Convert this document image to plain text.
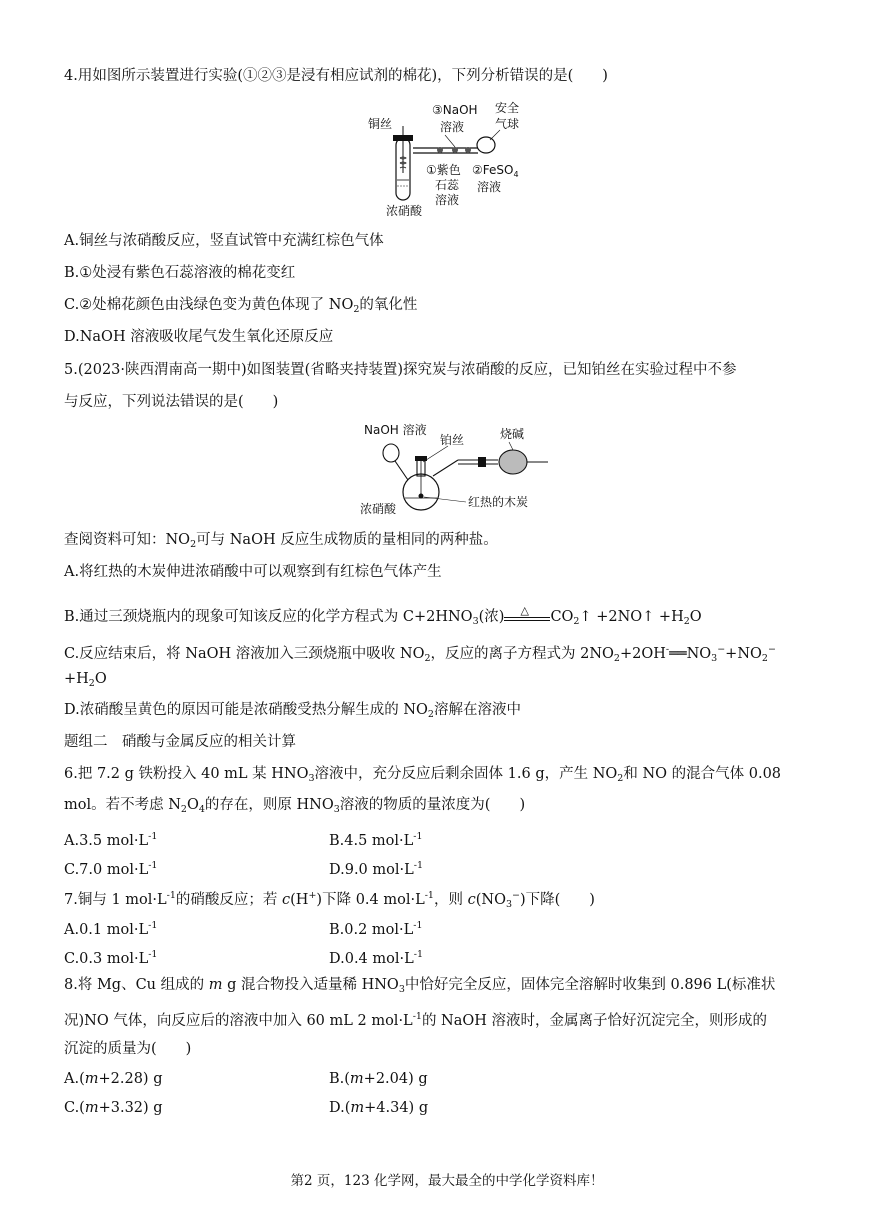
4.用如图所示装置进行实验(①②③是浸有相应试剂的棉花)，下列分析错误的是(　　)
铜丝
③NaOH
溶液
安全
气球
①紫色
石蕊
溶液
②FeSO$_4$
溶液
浓硝酸
A.铜丝与浓硝酸反应，竖直试管中充满红棕色气体
B.①处浸有紫色石蕊溶液的棉花变红
C.②处棉花颜色由浅绿色变为黄色体现了 $NO_2$的氧化性
D.NaOH 溶液吸收尾气发生氧化还原反应
5.(2023·陕西渭南高一期中)如图装置(省略夹持装置)探究炭与浓硝酸的反应，已知铂丝在实验过程中不参
与反应，下列说法错误的是(　　)
NaOH 溶液
铂丝	烧碱
红热的木炭
浓硝酸
查阅资料可知：$NO_2$可与 NaOH 反应生成物质的量相同的两种盐。
A.将红热的木炭伸进浓硝酸中可以观察到有红棕色气体产生
B.通过三颈烧瓶内的现象可知该反应的化学方程式为 $C+2HNO_3$(浓) △ $CO_2↑$ +2NO↑ $+H_2O$
C.反应结束后，将 NaOH 溶液加入三颈烧瓶中吸收 $NO_2$，反应的离子方程式为 $2NO_2+2OH^-══NO_3^-+NO_2^-$
$+H_2O$
D.浓硝酸呈黄色的原因可能是浓硝酸受热分解生成的 $NO_2$溶解在溶液中
题组二　硝酸与金属反应的相关计算
6.把 7.2 g 铁粉投入 40 mL 某 $HNO_3$溶液中，充分反应后剩余固体 1.6 g，产生 $NO_2$和 NO 的混合气体 0.08
mol。若不考虑 $N_2O_4$的存在，则原 $HNO_3$溶液的物质的量浓度为(　　)
A.3.5 $mol\cdot L^{-1}$	B.4.5 $mol\cdot L^{-1}$
C.7.0 $mol\cdot L^{-1}$	D.9.0 $mol\cdot L^{-1}$
7.铜与 1 $mol\cdot L^{-1}$的硝酸反应；若 c(H+)下降 0.4 $mol\cdot L^{-1}$，则 $c(NO_3^-)$下降(　　)
A.0.1 $mol\cdot L^{-1}$	B.0.2 $mol\cdot L^{-1}$
C.0.3 $mol\cdot L^{-1}$	D.0.4 $mol\cdot L^{-1}$
8.将 Mg、Cu 组成的 m g 混合物投入适量稀 $HNO_3$中恰好完全反应，固体完全溶解时收集到 0.896 L(标准状
况)NO 气体，向反应后的溶液中加入 60 mL 2 $mol\cdot L^{-1}$的 NaOH 溶液时，金属离子恰好沉淀完全，则形成的
沉淀的质量为(　　)
A.(m+2.28) g	B.(m+2.04) g
C.(m+3.32) g	D.(m+4.34) g
第2 页，123 化学网，最大最全的中学化学资料库！
